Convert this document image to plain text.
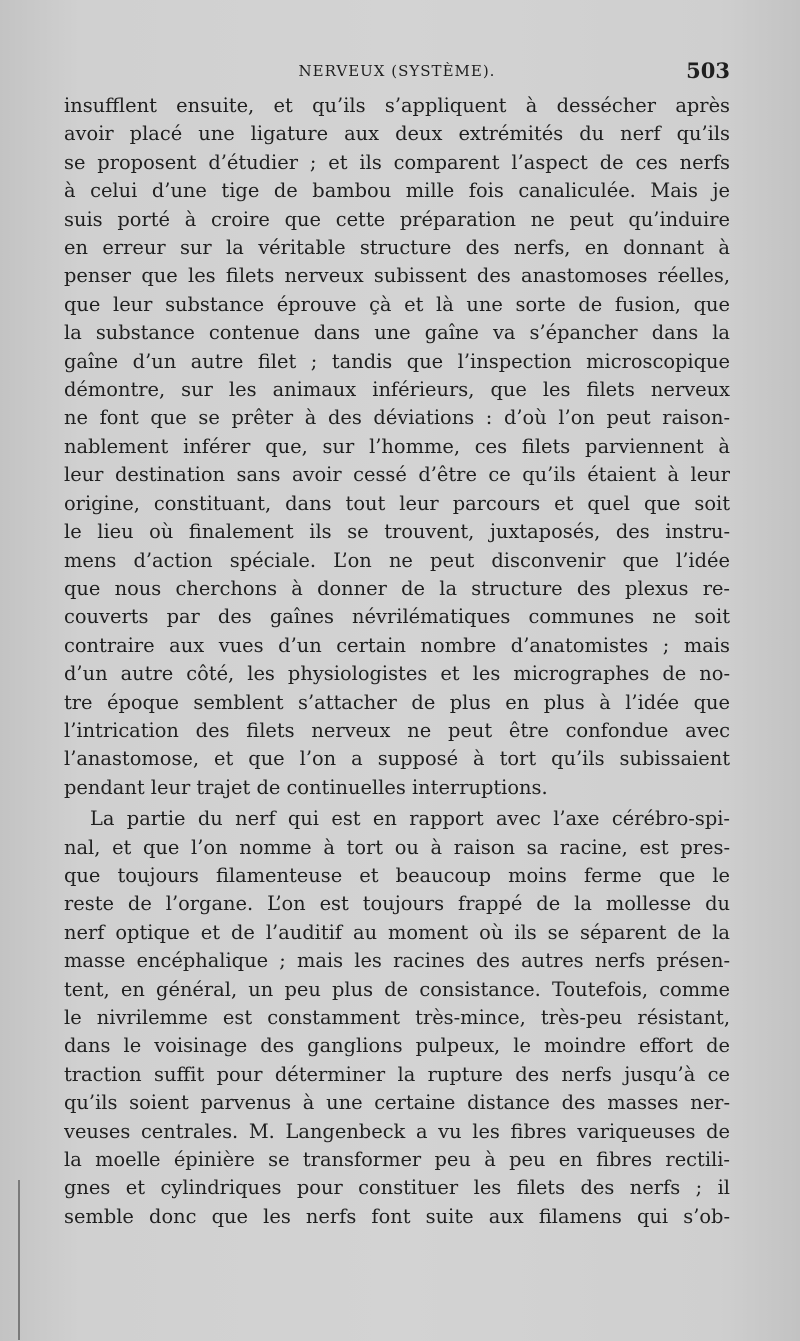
NERVEUX (SYSTÈME).	503
insufflent ensuite, et qu’ils s’appliquent à dessécher après
avoir placé une ligature aux deux extrémités du nerf qu’ils
se proposent d’étudier ; et ils comparent l’aspect de ces nerfs
à celui d’une tige de bambou mille fois canaliculée. Mais je
suis porté à croire que cette préparation ne peut qu’induire
en erreur sur la véritable structure des nerfs, en donnant à
penser que les filets nerveux subissent des anastomoses réelles,
que leur substance éprouve çà et là une sorte de fusion, que
la substance contenue dans une gaîne va s’épancher dans la
gaîne d’un autre filet ; tandis que l’inspection microscopique
démontre, sur les animaux inférieurs, que les filets nerveux
ne font que se prêter à des déviations : d’où l’on peut raison-
nablement inférer que, sur l’homme, ces filets parviennent à
leur destination sans avoir cessé d’être ce qu’ils étaient à leur
origine, constituant, dans tout leur parcours et quel que soit
le lieu où finalement ils se trouvent, juxtaposés, des instru-
mens d’action spéciale. L’on ne peut disconvenir que l’idée
que nous cherchons à donner de la structure des plexus re-
couverts par des gaînes névrilématiques communes ne soit
contraire aux vues d’un certain nombre d’anatomistes ; mais
d’un autre côté, les physiologistes et les micrographes de no-
tre époque semblent s’attacher de plus en plus à l’idée que
l’intrication des filets nerveux ne peut être confondue avec
l’anastomose, et que l’on a supposé à tort qu’ils subissaient
pendant leur trajet de continuelles interruptions.
La partie du nerf qui est en rapport avec l’axe cérébro-spi-
nal, et que l’on nomme à tort ou à raison sa racine, est pres-
que toujours filamenteuse et beaucoup moins ferme que le
reste de l’organe. L’on est toujours frappé de la mollesse du
nerf optique et de l’auditif au moment où ils se séparent de la
masse encéphalique ; mais les racines des autres nerfs présen-
tent, en général, un peu plus de consistance. Toutefois, comme
le nivrilemme est constamment très-mince, très-peu résistant,
dans le voisinage des ganglions pulpeux, le moindre effort de
traction suffit pour déterminer la rupture des nerfs jusqu’à ce
qu’ils soient parvenus à une certaine distance des masses ner-
veuses centrales. M. Langenbeck a vu les fibres variqueuses de
la moelle épinière se transformer peu à peu en fibres rectili-
gnes et cylindriques pour constituer les filets des nerfs ; il
semble donc que les nerfs font suite aux filamens qui s’ob-
